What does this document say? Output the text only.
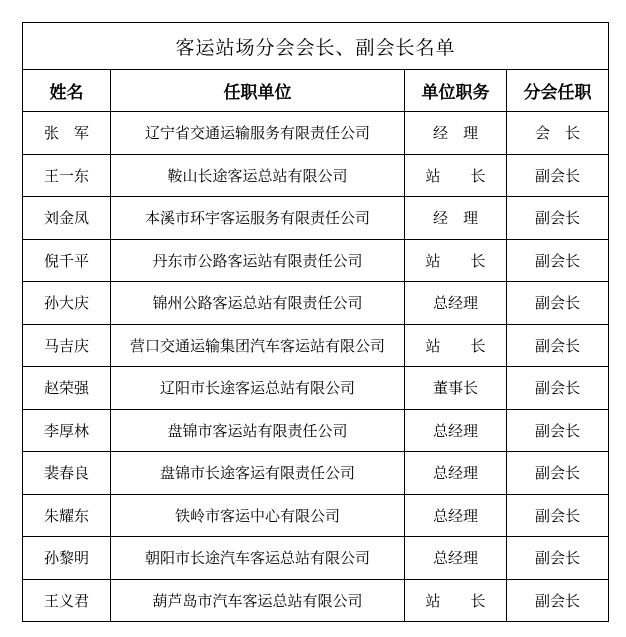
客运站场分会会长、副会长名单			
姓名	任职单位	单位职务	分会任职
张　军	辽宁省交通运输服务有限责任公司	经　理	会　长
王一东	鞍山长途客运总站有限公司	站　　长	副会长
刘金凤	本溪市环宇客运服务有限责任公司	经　理	副会长
倪千平	丹东市公路客运站有限责任公司	站　　长	副会长
孙大庆	锦州公路客运总站有限责任公司	总经理	副会长
马吉庆	营口交通运输集团汽车客运站有限公司	站　　长	副会长
赵荣强	辽阳市长途客运总站有限公司	董事长	副会长
李厚林	盘锦市客运站有限责任公司	总经理	副会长
裴春良	盘锦市长途客运有限责任公司	总经理	副会长
朱耀东	铁岭市客运中心有限公司	总经理	副会长
孙黎明	朝阳市长途汽车客运总站有限公司	总经理	副会长
王义君	葫芦岛市汽车客运总站有限公司	站　　长	副会长
